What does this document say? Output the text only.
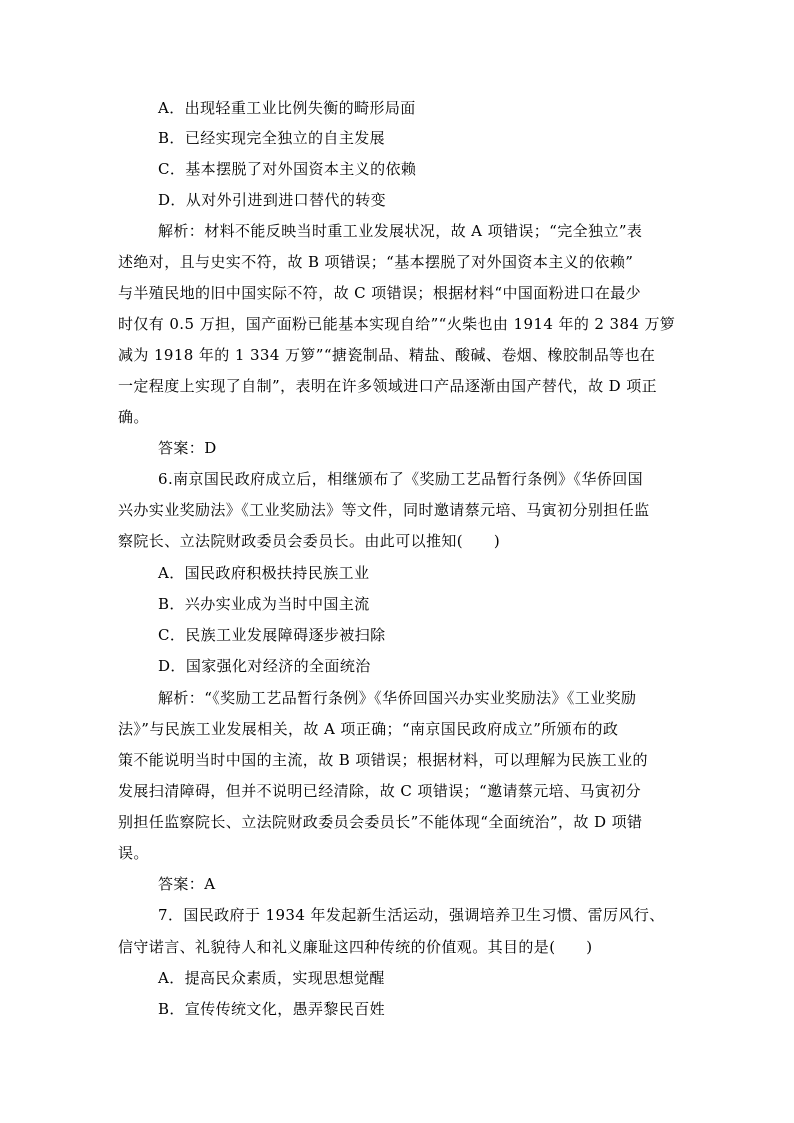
A．出现轻重工业比例失衡的畸形局面
B．已经实现完全独立的自主发展
C．基本摆脱了对外国资本主义的依赖
D．从对外引进到进口替代的转变
解析：材料不能反映当时重工业发展状况，故 A 项错误；“完全独立”表
述绝对，且与史实不符，故 B 项错误；“基本摆脱了对外国资本主义的依赖”
与半殖民地的旧中国实际不符，故 C 项错误；根据材料“中国面粉进口在最少
时仅有 0.5 万担，国产面粉已能基本实现自给”“火柴也由 1914 年的 2 384 万箩
减为 1918 年的 1 334 万箩”“搪瓷制品、精盐、酸碱、卷烟、橡胶制品等也在
一定程度上实现了自制”，表明在许多领域进口产品逐渐由国产替代，故 D 项正
确。
答案：D
6.南京国民政府成立后，相继颁布了《奖励工艺品暂行条例》《华侨回国
兴办实业奖励法》《工业奖励法》等文件，同时邀请蔡元培、马寅初分别担任监
察院长、立法院财政委员会委员长。由此可以推知(　　)
A．国民政府积极扶持民族工业
B．兴办实业成为当时中国主流
C．民族工业发展障碍逐步被扫除
D．国家强化对经济的全面统治
解析：“《奖励工艺品暂行条例》《华侨回国兴办实业奖励法》《工业奖励
法》”与民族工业发展相关，故 A 项正确；“南京国民政府成立”所颁布的政
策不能说明当时中国的主流，故 B 项错误；根据材料，可以理解为民族工业的
发展扫清障碍，但并不说明已经清除，故 C 项错误；“邀请蔡元培、马寅初分
别担任监察院长、立法院财政委员会委员长”不能体现“全面统治”，故 D 项错
误。
答案：A
7．国民政府于 1934 年发起新生活运动，强调培养卫生习惯、雷厉风行、
信守诺言、礼貌待人和礼义廉耻这四种传统的价值观。其目的是(　　)
A．提高民众素质，实现思想觉醒
B．宣传传统文化，愚弄黎民百姓
